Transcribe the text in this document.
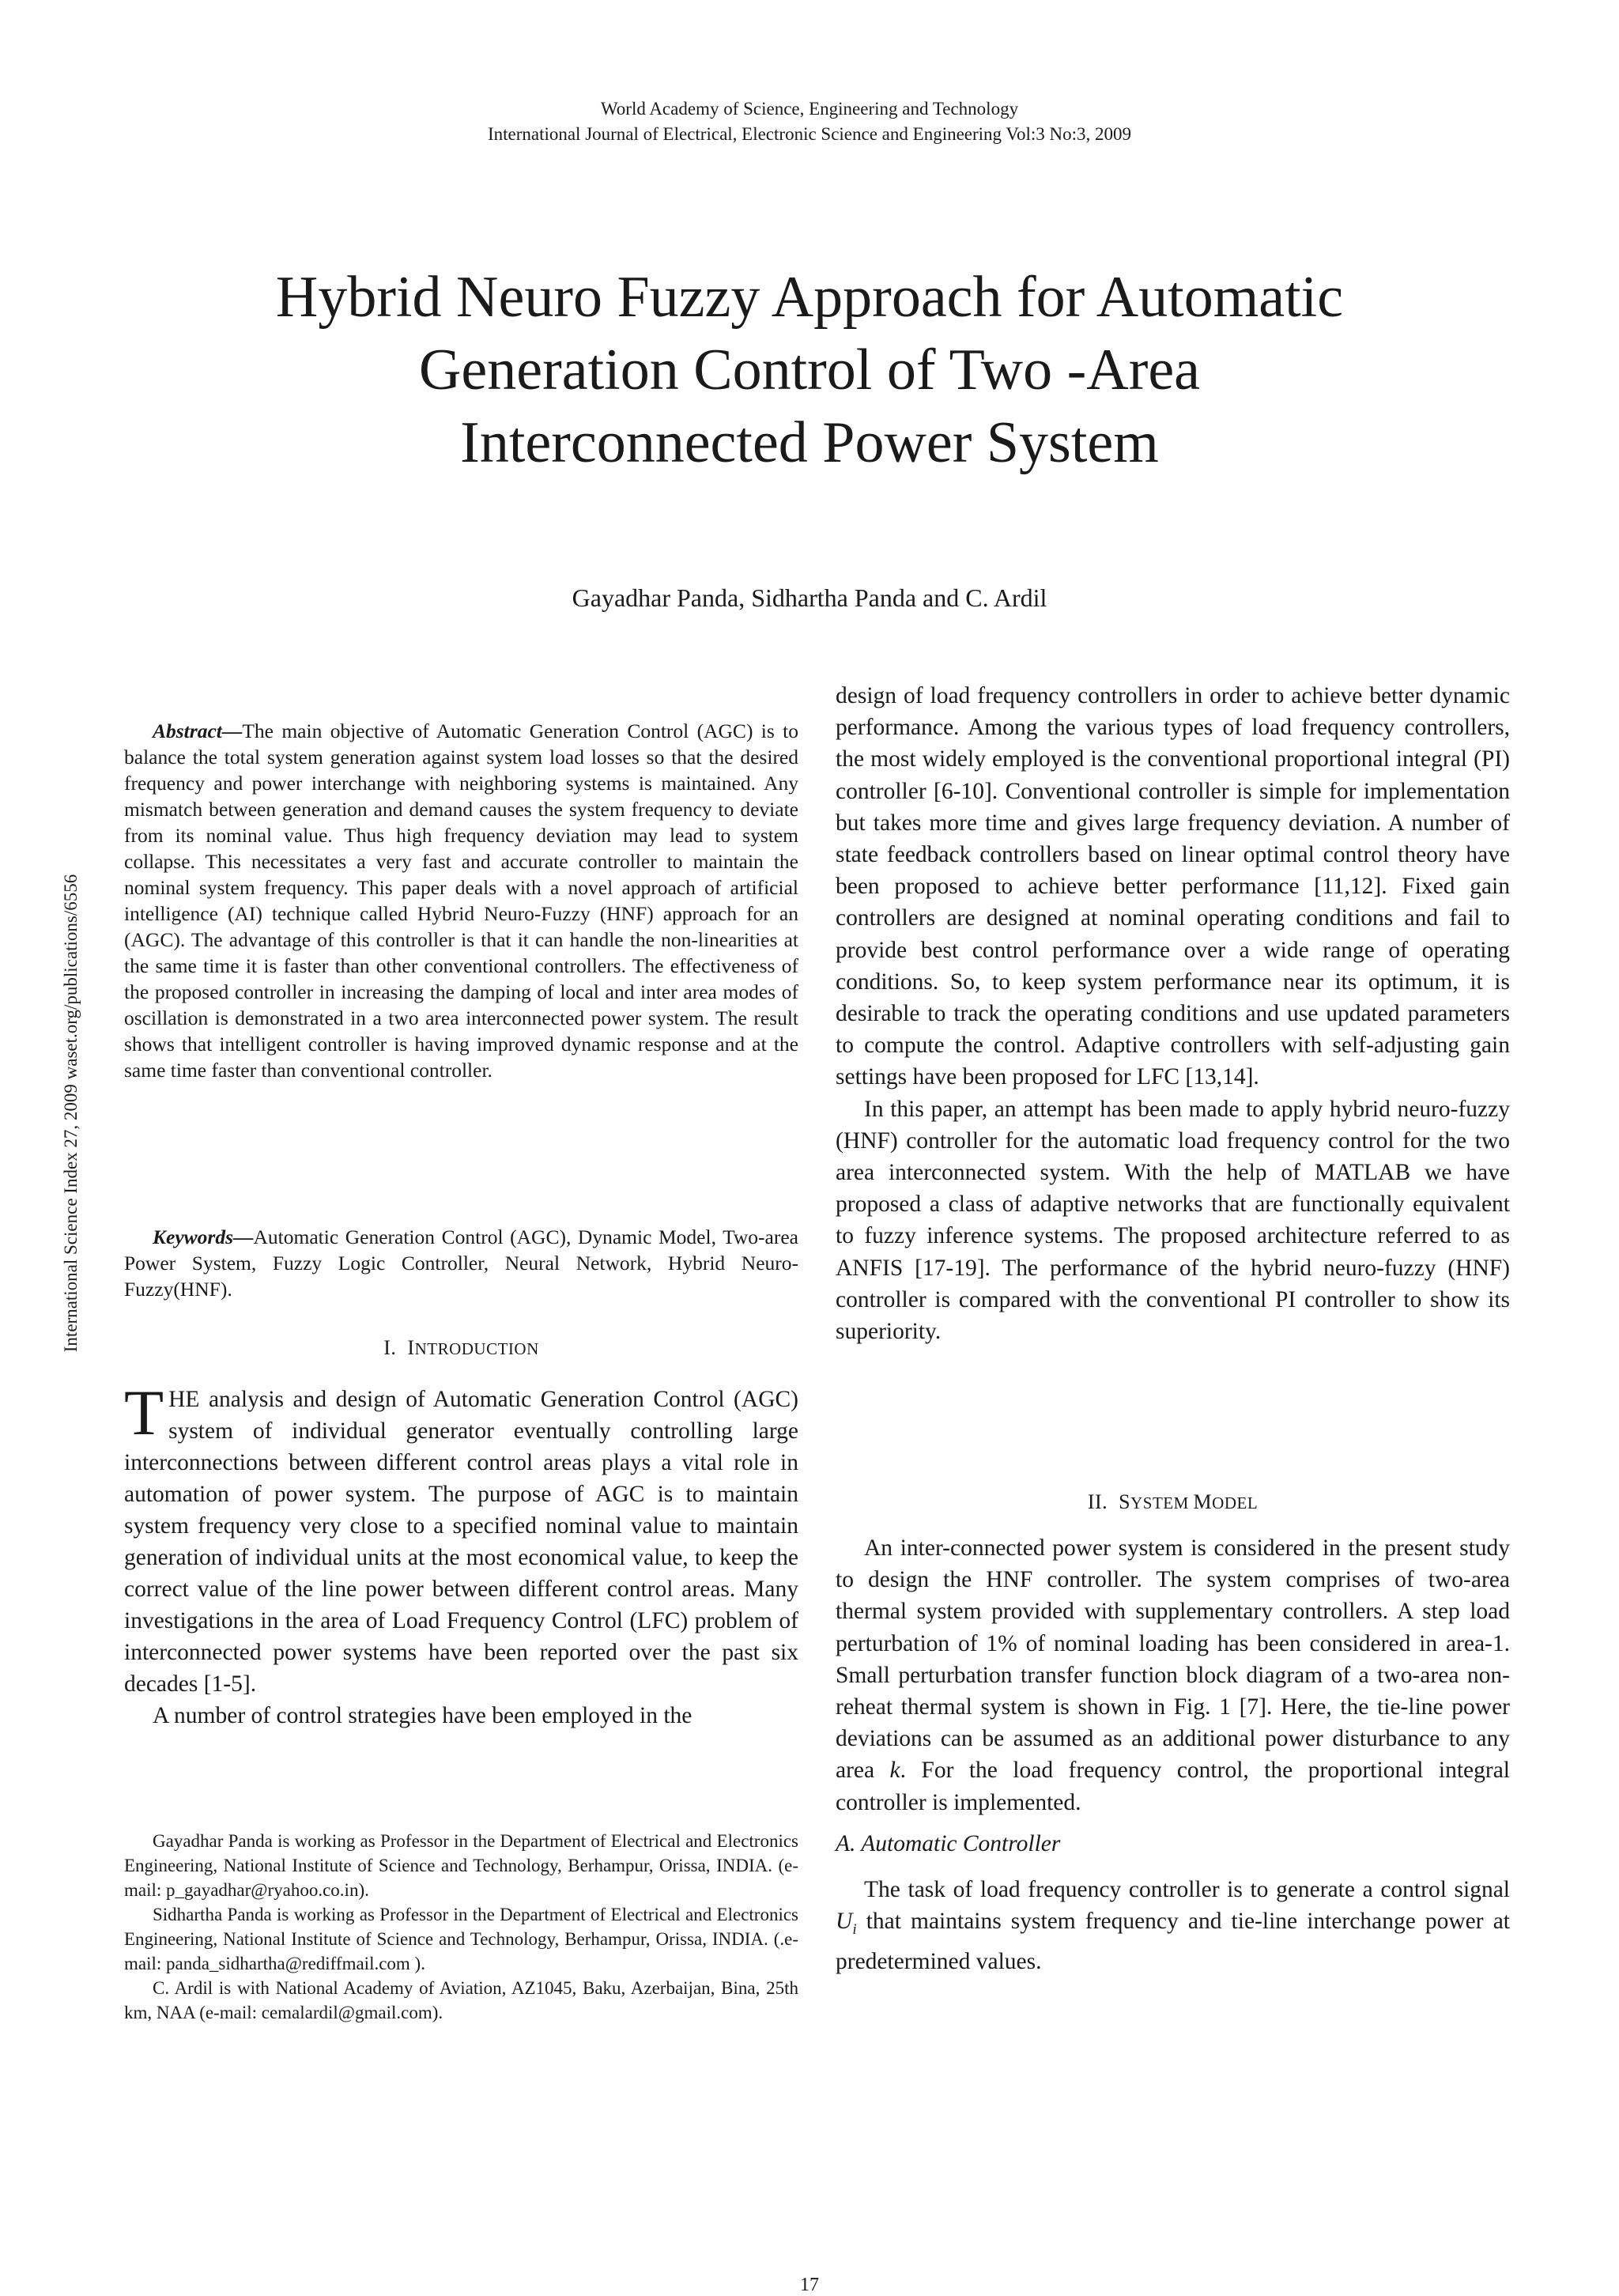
World Academy of Science, Engineering and Technology
International Journal of Electrical, Electronic Science and Engineering Vol:3 No:3, 2009
Hybrid Neuro Fuzzy Approach for Automatic
Generation Control of Two -Area
Interconnected Power System
Gayadhar Panda, Sidhartha Panda and C. Ardil
International Science Index 27, 2009 waset.org/publications/6556

Abstract—The main objective of Automatic Generation Control (AGC) is to balance the total system generation against system load losses so that the desired frequency and power interchange with neighboring systems is maintained. Any mismatch between generation and demand causes the system frequency to deviate from its nominal value. Thus high frequency deviation may lead to system collapse. This necessitates a very fast and accurate controller to maintain the nominal system frequency. This paper deals with a novel approach of artificial intelligence (AI) technique called Hybrid Neuro-Fuzzy (HNF) approach for an (AGC). The advantage of this controller is that it can handle the non-linearities at the same time it is faster than other conventional controllers. The effectiveness of the proposed controller in increasing the damping of local and inter area modes of oscillation is demonstrated in a two area interconnected power system. The result shows that intelligent controller is having improved dynamic response and at the same time faster than conventional controller.

Keywords—Automatic Generation Control (AGC), Dynamic Model, Two-area Power System, Fuzzy Logic Controller, Neural Network, Hybrid Neuro-Fuzzy(HNF).

I. INTRODUCTION

THE analysis and design of Automatic Generation Control (AGC) system of individual generator eventually controlling large interconnections between different control areas plays a vital role in automation of power system. The purpose of AGC is to maintain system frequency very close to a specified nominal value to maintain generation of individual units at the most economical value, to keep the correct value of the line power between different control areas. Many investigations in the area of Load Frequency Control (LFC) problem of interconnected power systems have been reported over the past six decades [1-5].

A number of control strategies have been employed in the

Gayadhar Panda is working as Professor in the Department of Electrical and Electronics Engineering, National Institute of Science and Technology, Berhampur, Orissa, INDIA. (e-mail: p_gayadhar@ryahoo.co.in).

Sidhartha Panda is working as Professor in the Department of Electrical and Electronics Engineering, National Institute of Science and Technology, Berhampur, Orissa, INDIA. (.e-mail: panda_sidhartha@rediffmail.com ).

C. Ardil is with National Academy of Aviation, AZ1045, Baku, Azerbaijan, Bina, 25th km, NAA (e-mail: cemalardil@gmail.com).

design of load frequency controllers in order to achieve better dynamic performance. Among the various types of load frequency controllers, the most widely employed is the conventional proportional integral (PI) controller [6-10]. Conventional controller is simple for implementation but takes more time and gives large frequency deviation. A number of state feedback controllers based on linear optimal control theory have been proposed to achieve better performance [11,12]. Fixed gain controllers are designed at nominal operating conditions and fail to provide best control performance over a wide range of operating conditions. So, to keep system performance near its optimum, it is desirable to track the operating conditions and use updated parameters to compute the control. Adaptive controllers with self-adjusting gain settings have been proposed for LFC [13,14].

In this paper, an attempt has been made to apply hybrid neuro-fuzzy (HNF) controller for the automatic load frequency control for the two area interconnected system. With the help of MATLAB we have proposed a class of adaptive networks that are functionally equivalent to fuzzy inference systems. The proposed architecture referred to as ANFIS [17-19]. The performance of the hybrid neuro-fuzzy (HNF) controller is compared with the conventional PI controller to show its superiority.

II. SYSTEM MODEL

An inter-connected power system is considered in the present study to design the HNF controller. The system comprises of two-area thermal system provided with supplementary controllers. A step load perturbation of 1% of nominal loading has been considered in area-1. Small perturbation transfer function block diagram of a two-area non-reheat thermal system is shown in Fig. 1 [7]. Here, the tie-line power deviations can be assumed as an additional power disturbance to any area k. For the load frequency control, the proportional integral controller is implemented.

A. Automatic Controller

The task of load frequency controller is to generate a control signal $U_i$ that maintains system frequency and tie-line interchange power at predetermined values.

17
